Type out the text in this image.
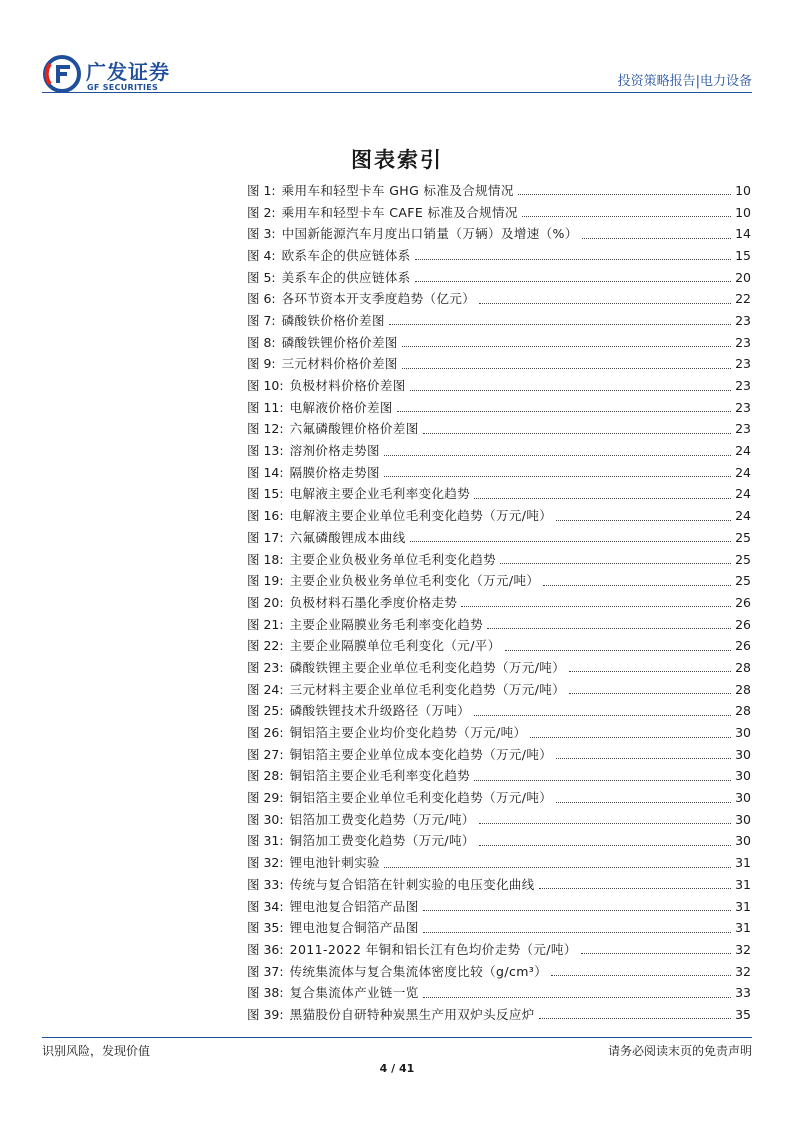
广发证券
GF SECURITIES	投资策略报告|电力设备
图表索引
图 1: 乘用车和轻型卡车 GHG 标准及合规情况	10
图 2: 乘用车和轻型卡车 CAFE 标准及合规情况	10
图 3: 中国新能源汽车月度出口销量（万辆）及增速（%）	14
图 4: 欧系车企的供应链体系	15
图 5: 美系车企的供应链体系	20
图 6: 各环节资本开支季度趋势（亿元）	22
图 7: 磷酸铁价格价差图	23
图 8: 磷酸铁锂价格价差图	23
图 9: 三元材料价格价差图	23
图 10: 负极材料价格价差图	23
图 11: 电解液价格价差图	23
图 12: 六氟磷酸锂价格价差图	23
图 13: 溶剂价格走势图	24
图 14: 隔膜价格走势图	24
图 15: 电解液主要企业毛利率变化趋势	24
图 16: 电解液主要企业单位毛利变化趋势（万元/吨）	24
图 17: 六氟磷酸锂成本曲线	25
图 18: 主要企业负极业务单位毛利变化趋势	25
图 19: 主要企业负极业务单位毛利变化（万元/吨）	25
图 20: 负极材料石墨化季度价格走势	26
图 21: 主要企业隔膜业务毛利率变化趋势	26
图 22: 主要企业隔膜单位毛利变化（元/平）	26
图 23: 磷酸铁锂主要企业单位毛利变化趋势（万元/吨）	28
图 24: 三元材料主要企业单位毛利变化趋势（万元/吨）	28
图 25: 磷酸铁锂技术升级路径（万吨）	28
图 26: 铜铝箔主要企业均价变化趋势（万元/吨）	30
图 27: 铜铝箔主要企业单位成本变化趋势（万元/吨）	30
图 28: 铜铝箔主要企业毛利率变化趋势	30
图 29: 铜铝箔主要企业单位毛利变化趋势（万元/吨）	30
图 30: 铝箔加工费变化趋势（万元/吨）	30
图 31: 铜箔加工费变化趋势（万元/吨）	30
图 32: 锂电池针刺实验	31
图 33: 传统与复合铝箔在针刺实验的电压变化曲线	31
图 34: 锂电池复合铝箔产品图	31
图 35: 锂电池复合铜箔产品图	31
图 36: 2011-2022 年铜和铝长江有色均价走势（元/吨）	32
图 37: 传统集流体与复合集流体密度比较（g/cm³）	32
图 38: 复合集流体产业链一览	33
图 39: 黑猫股份自研特种炭黑生产用双炉头反应炉	35
识别风险，发现价值	请务必阅读末页的免责声明
4 / 41
